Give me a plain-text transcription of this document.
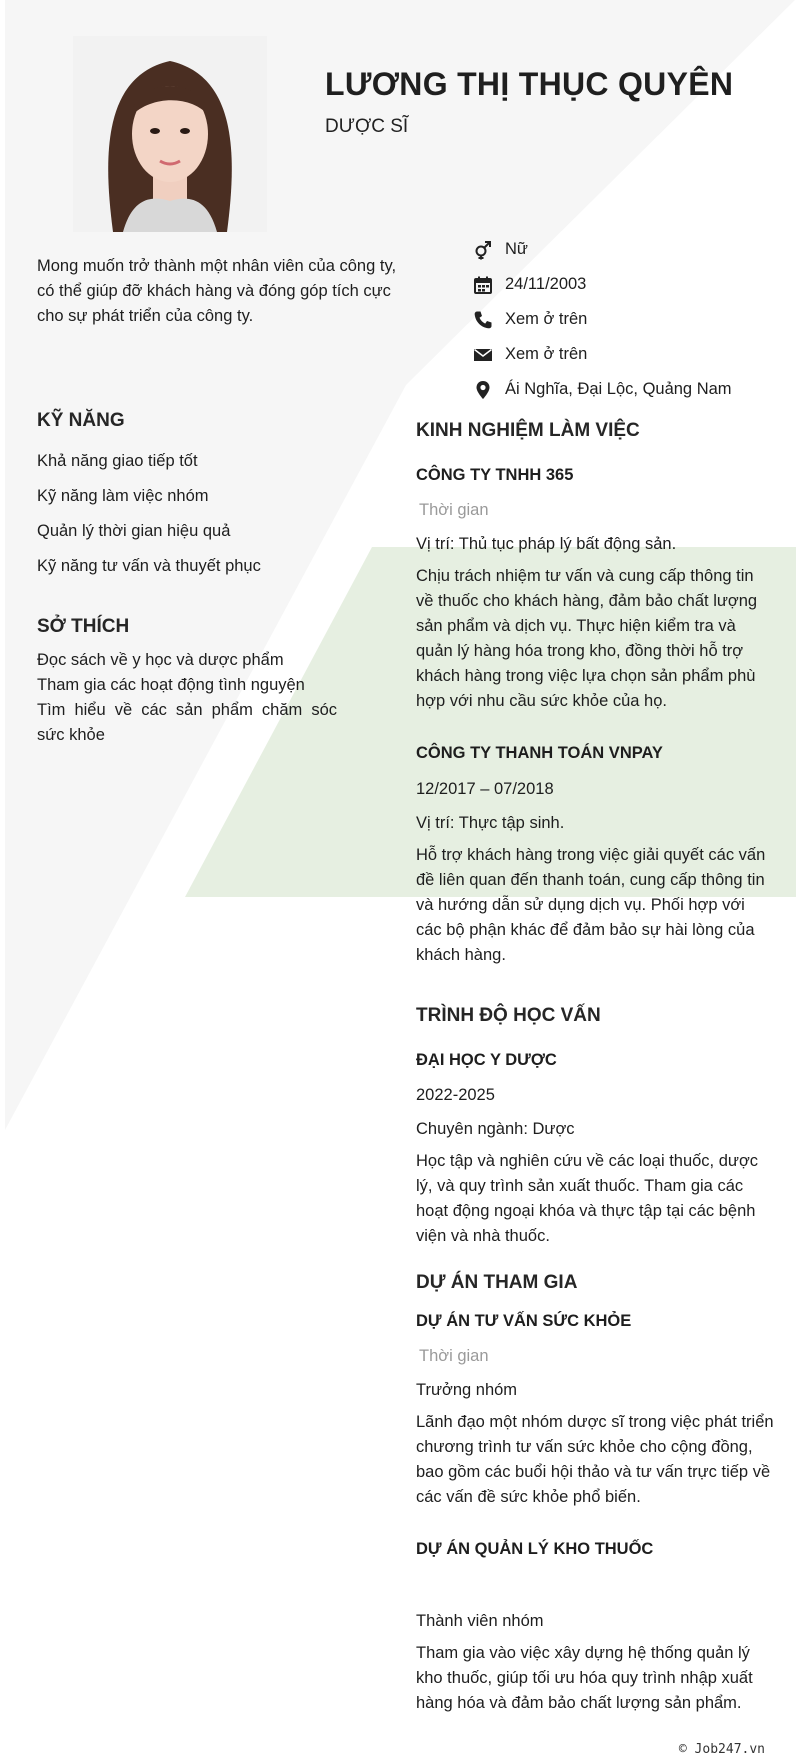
LƯƠNG THỊ THỤC QUYÊN
DƯỢC SĨ
Mong muốn trở thành một nhân viên của công ty, có thể giúp đỡ khách hàng và đóng góp tích cực cho sự phát triển của công ty.
Nữ
24/11/2003
Xem ở trên
Xem ở trên
Ái Nghĩa, Đại Lộc, Quảng Nam
KỸ NĂNG
Khả năng giao tiếp tốt
Kỹ năng làm việc nhóm
Quản lý thời gian hiệu quả
Kỹ năng tư vấn và thuyết phục
SỞ THÍCH
Đọc sách về y học và dược phẩm
Tham gia các hoạt động tình nguyện
Tìm hiểu về các sản phẩm chăm sóc sức khỏe
KINH NGHIỆM LÀM VIỆC
CÔNG TY TNHH 365
Thời gian
Vị trí: Thủ tục pháp lý bất động sản.
Chịu trách nhiệm tư vấn và cung cấp thông tin về thuốc cho khách hàng, đảm bảo chất lượng sản phẩm và dịch vụ. Thực hiện kiểm tra và quản lý hàng hóa trong kho, đồng thời hỗ trợ khách hàng trong việc lựa chọn sản phẩm phù hợp với nhu cầu sức khỏe của họ.
CÔNG TY THANH TOÁN VNPAY
12/2017 – 07/2018
Vị trí: Thực tập sinh.
Hỗ trợ khách hàng trong việc giải quyết các vấn đề liên quan đến thanh toán, cung cấp thông tin và hướng dẫn sử dụng dịch vụ. Phối hợp với các bộ phận khác để đảm bảo sự hài lòng của khách hàng.
TRÌNH ĐỘ HỌC VẤN
ĐẠI HỌC Y DƯỢC
2022-2025
Chuyên ngành: Dược
Học tập và nghiên cứu về các loại thuốc, dược lý, và quy trình sản xuất thuốc. Tham gia các hoạt động ngoại khóa và thực tập tại các bệnh viện và nhà thuốc.
DỰ ÁN THAM GIA
DỰ ÁN TƯ VẤN SỨC KHỎE
Thời gian
Trưởng nhóm
Lãnh đạo một nhóm dược sĩ trong việc phát triển chương trình tư vấn sức khỏe cho cộng đồng, bao gồm các buổi hội thảo và tư vấn trực tiếp về các vấn đề sức khỏe phổ biến.
DỰ ÁN QUẢN LÝ KHO THUỐC
Thành viên nhóm
Tham gia vào việc xây dựng hệ thống quản lý kho thuốc, giúp tối ưu hóa quy trình nhập xuất hàng hóa và đảm bảo chất lượng sản phẩm.
© Job247.vn
